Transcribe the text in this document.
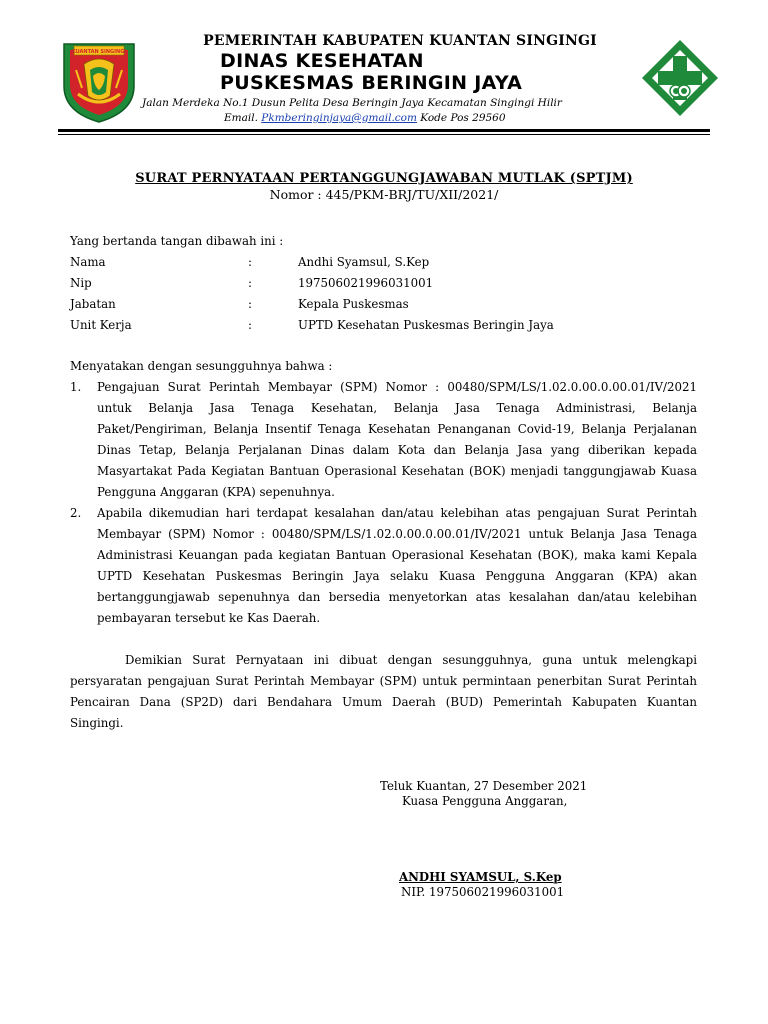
KUANTAN SINGINGI
PEMERINTAH KABUPATEN KUANTAN SINGINGI
DINAS KESEHATAN
PUSKESMAS BERINGIN JAYA
Jalan Merdeka No.1 Dusun Pelita Desa Beringin Jaya Kecamatan Singingi Hilir
Email. Pkmberinginjaya@gmail.com Kode Pos 29560
SURAT PERNYATAAN PERTANGGUNGJAWABAN MUTLAK (SPTJM)
Nomor : 445/PKM-BRJ/TU/XII/2021/
Yang bertanda tangan dibawah ini :
Nama	:	Andhi Syamsul, S.Kep
Nip	:	197506021996031001
Jabatan	:	Kepala Puskesmas
Unit Kerja	:	UPTD Kesehatan Puskesmas Beringin Jaya
Menyatakan dengan sesungguhnya bahwa :
1. Pengajuan Surat Perintah Membayar (SPM) Nomor : 00480/SPM/LS/1.02.0.00.0.00.01/IV/2021
untuk Belanja Jasa Tenaga Kesehatan, Belanja Jasa Tenaga Administrasi, Belanja
Paket/Pengiriman, Belanja Insentif Tenaga Kesehatan Penanganan Covid-19, Belanja Perjalanan
Dinas Tetap, Belanja Perjalanan Dinas dalam Kota dan Belanja Jasa yang diberikan kepada
Masyartakat Pada Kegiatan Bantuan Operasional Kesehatan (BOK) menjadi tanggungjawab Kuasa
Pengguna Anggaran (KPA) sepenuhnya.
2. Apabila dikemudian hari terdapat kesalahan dan/atau kelebihan atas pengajuan Surat Perintah
Membayar (SPM) Nomor : 00480/SPM/LS/1.02.0.00.0.00.01/IV/2021 untuk Belanja Jasa Tenaga
Administrasi Keuangan pada kegiatan Bantuan Operasional Kesehatan (BOK), maka kami Kepala
UPTD Kesehatan Puskesmas Beringin Jaya selaku Kuasa Pengguna Anggaran (KPA) akan
bertanggungjawab sepenuhnya dan bersedia menyetorkan atas kesalahan dan/atau kelebihan
pembayaran tersebut ke Kas Daerah.
Demikian Surat Pernyataan ini dibuat dengan sesungguhnya, guna untuk melengkapi
persyaratan pengajuan Surat Perintah Membayar (SPM) untuk permintaan penerbitan Surat Perintah
Pencairan Dana (SP2D) dari Bendahara Umum Daerah (BUD) Pemerintah Kabupaten Kuantan
Singingi.
Teluk Kuantan, 27 Desember 2021
Kuasa Pengguna Anggaran,
ANDHI SYAMSUL, S.Kep
NIP. 197506021996031001
